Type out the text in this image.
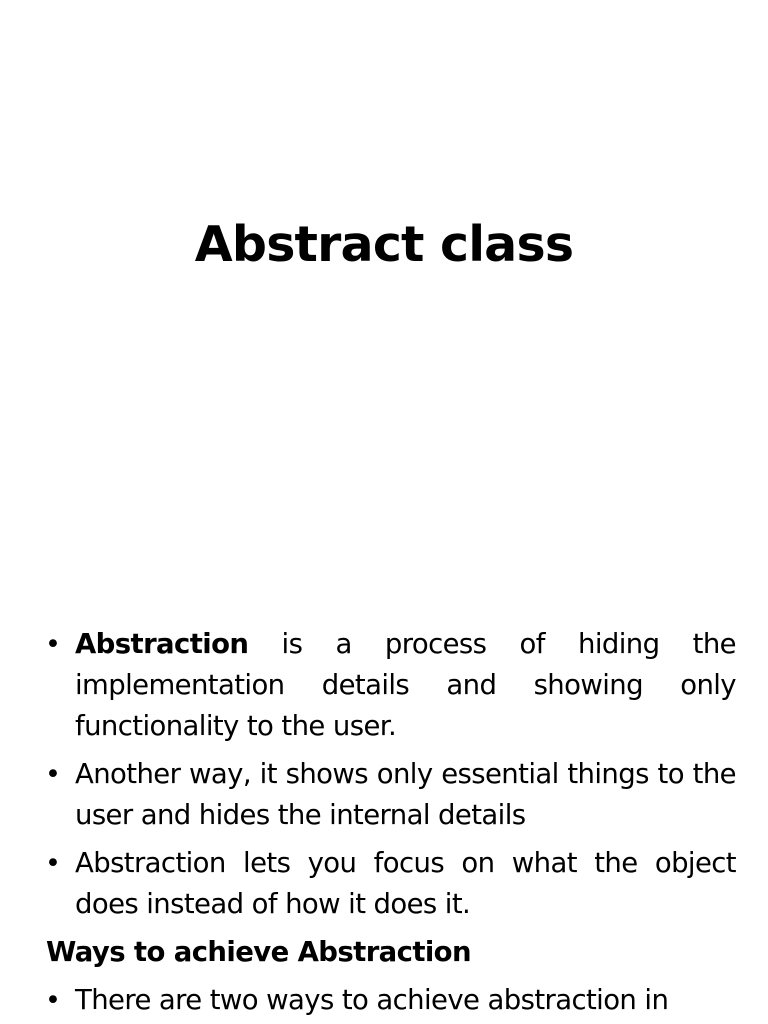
Abstract class
• Abstraction is a process of hiding the implementation details and showing only functionality to the user.
• Another way, it shows only essential things to the user and hides the internal details
• Abstraction lets you focus on what the object does instead of how it does it.
Ways to achieve Abstraction
• There are two ways to achieve abstraction in
